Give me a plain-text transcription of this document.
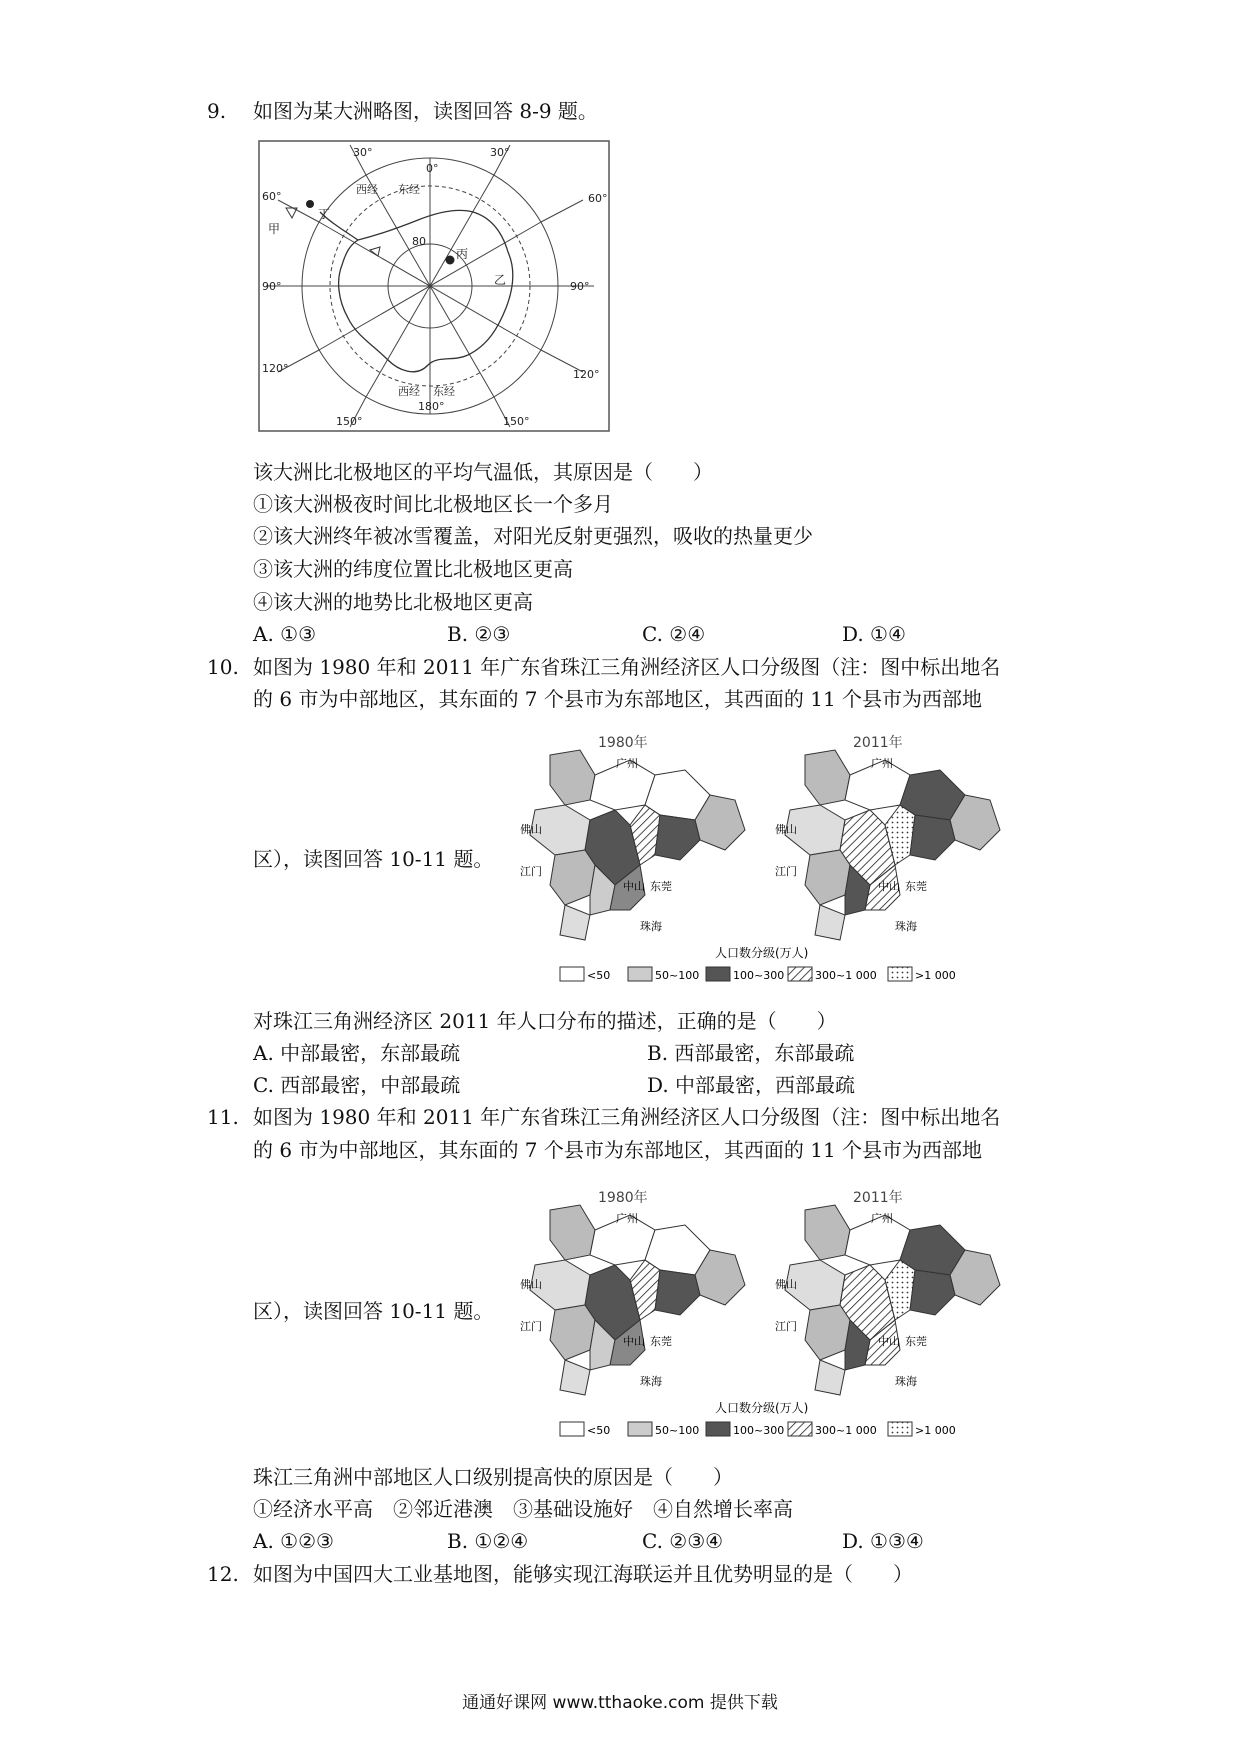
9. 如图为某大洲略图，读图回答 8-9 题。
0°
西经 东经
30°	30°
60°	60°
90°	90°
120°	120°
150°	150°
180°
西经 东经
80
甲
乙
丙
丁
该大洲比北极地区的平均气温低，其原因是（　　）
①该大洲极夜时间比北极地区长一个多月
②该大洲终年被冰雪覆盖，对阳光反射更强烈，吸收的热量更少
③该大洲的纬度位置比北极地区更高
④该大洲的地势比北极地区更高
A. ①③	B. ②③	C. ②④	D. ①④
10. 如图为 1980 年和 2011 年广东省珠江三角洲经济区人口分级图（注：图中标出地名
的 6 市为中部地区，其东面的 7 个县市为东部地区，其西面的 11 个县市为西部地
区），读图回答 10-11 题。
1980年
广州
佛山
江门
中山 东莞
珠海
2011年
广州
佛山
江门
中山 东莞
珠海
人口数分级(万人)
<50	50~100	100~300	300~1 000	>1 000
对珠江三角洲经济区 2011 年人口分布的描述，正确的是（　　）
A. 中部最密，东部最疏	B. 西部最密，东部最疏
C. 西部最密，中部最疏	D. 中部最密，西部最疏
11. 如图为 1980 年和 2011 年广东省珠江三角洲经济区人口分级图（注：图中标出地名
的 6 市为中部地区，其东面的 7 个县市为东部地区，其西面的 11 个县市为西部地
区），读图回答 10-11 题。
1980年
广州
佛山
江门
中山 东莞
珠海
2011年
广州
佛山
江门
中山 东莞
珠海
人口数分级(万人)
<50	50~100	100~300	300~1 000	>1 000
珠江三角洲中部地区人口级别提高快的原因是（　　）
①经济水平高　②邻近港澳　③基础设施好　④自然增长率高
A. ①②③	B. ①②④	C. ②③④	D. ①③④
12. 如图为中国四大工业基地图，能够实现江海联运并且优势明显的是（　　）
通通好课网 www.tthaoke.com 提供下载
